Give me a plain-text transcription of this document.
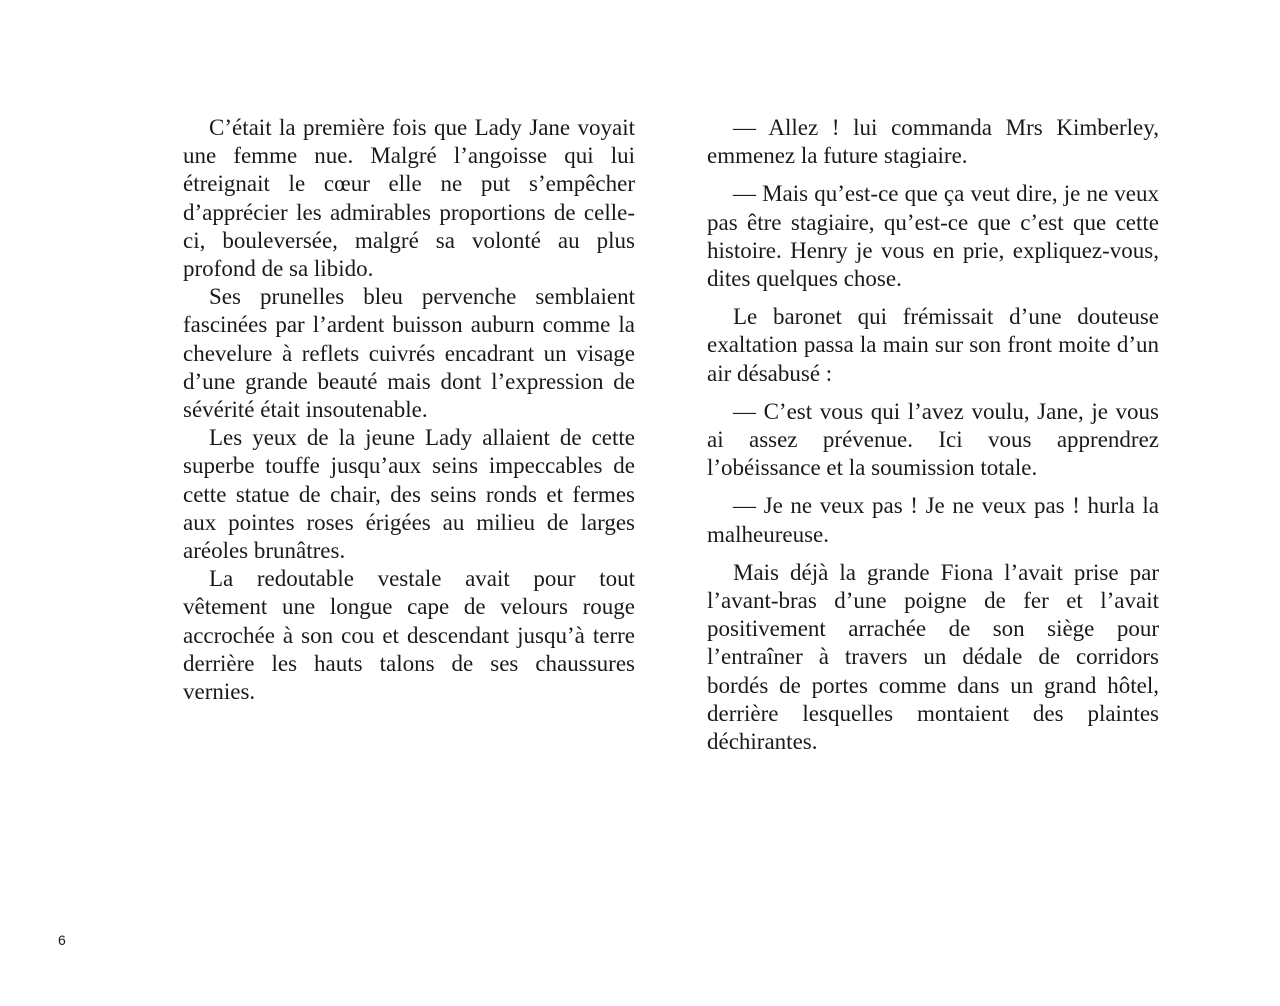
C’était la première fois que Lady Jane voyait une femme nue. Malgré l’angoisse qui lui étreignait le cœur elle ne put s’empêcher d’apprécier les admirables proportions de celle-ci, bouleversée, malgré sa volonté au plus profond de sa libido.

Ses prunelles bleu pervenche semblaient fascinées par l’ardent buisson auburn comme la chevelure à reflets cuivrés encadrant un visage d’une grande beauté mais dont l’expression de sévérité était insoutenable.

Les yeux de la jeune Lady allaient de cette superbe touffe jusqu’aux seins impeccables de cette statue de chair, des seins ronds et fermes aux pointes roses érigées au milieu de larges aréoles brunâtres.

La redoutable vestale avait pour tout vêtement une longue cape de velours rouge accrochée à son cou et descendant jusqu’à terre derrière les hauts talons de ses chaussures vernies.

— Allez ! lui commanda Mrs Kimberley, emmenez la future stagiaire.

— Mais qu’est-ce que ça veut dire, je ne veux pas être stagiaire, qu’est-ce que c’est que cette histoire. Henry je vous en prie, expliquez-vous, dites quelques chose.

Le baronet qui frémissait d’une douteuse exaltation passa la main sur son front moite d’un air désabusé :

— C’est vous qui l’avez voulu, Jane, je vous ai assez prévenue. Ici vous apprendrez l’obéissance et la soumission totale.

— Je ne veux pas ! Je ne veux pas ! hurla la malheureuse.

Mais déjà la grande Fiona l’avait prise par l’avant-bras d’une poigne de fer et l’avait positivement arrachée de son siège pour l’entraîner à travers un dédale de corridors bordés de portes comme dans un grand hôtel, derrière lesquelles montaient des plaintes déchirantes.

6
